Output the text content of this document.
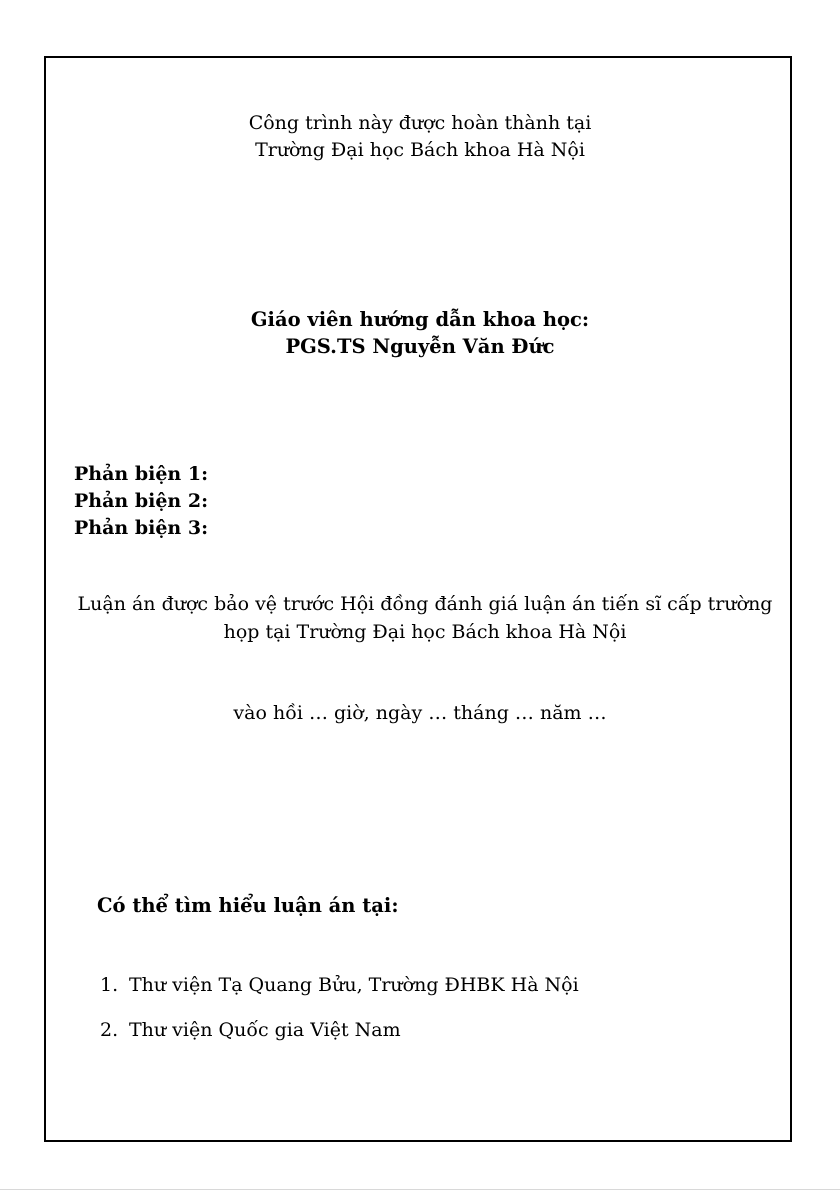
Công trình này được hoàn thành tại
Trường Đại học Bách khoa Hà Nội
Giáo viên hướng dẫn khoa học:
PGS.TS Nguyễn Văn Đức
Phản biện 1:
Phản biện 2:
Phản biện 3:
Luận án được bảo vệ trước Hội đồng đánh giá luận án tiến sĩ cấp trường
họp tại Trường Đại học Bách khoa Hà Nội
vào hồi … giờ, ngày … tháng … năm …
Có thể tìm hiểu luận án tại:
1. Thư viện Tạ Quang Bửu, Trường ĐHBK Hà Nội
2. Thư viện Quốc gia Việt Nam
